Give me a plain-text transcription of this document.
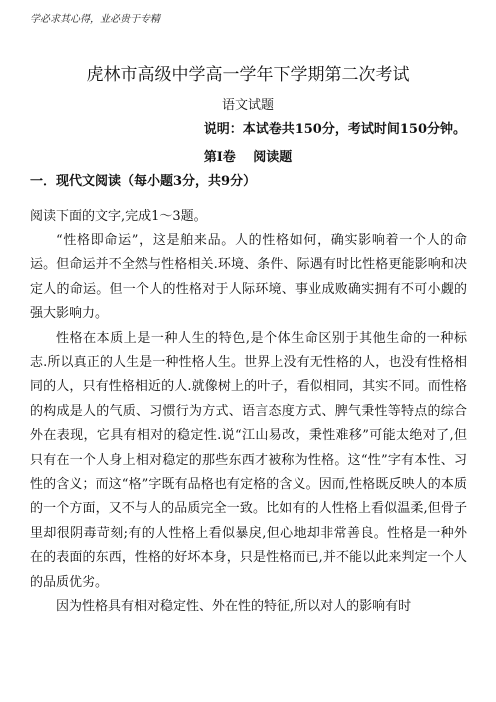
学必求其心得，业必贵于专精
虎林市高级中学高一学年下学期第二次考试
语文试题
说明：本试卷共150分，考试时间150分钟。
第Ⅰ卷　 阅读题
一．现代文阅读（每小题3分，共9分）
阅读下面的文字,完成1～3题。

“性格即命运”，这是舶来品。人的性格如何，确实影响着一个人的命运。但命运并不全然与性格相关.环境、条件、际遇有时比性格更能影响和决定人的命运。但一个人的性格对于人际环境、事业成败确实拥有不可小觑的强大影响力。

性格在本质上是一种人生的特色,是个体生命区别于其他生命的一种标志.所以真正的人生是一种性格人生。世界上没有无性格的人，也没有性格相同的人，只有性格相近的人.就像树上的叶子，看似相同，其实不同。而性格的构成是人的气质、习惯行为方式、语言态度方式、脾气秉性等特点的综合外在表现，它具有相对的稳定性.说“江山易改，秉性难移”可能太绝对了,但只有在一个人身上相对稳定的那些东西才被称为性格。这“性”字有本性、习性的含义；而这“格”字既有品格也有定格的含义。因而,性格既反映人的本质的一个方面，又不与人的品质完全一致。比如有的人性格上看似温柔,但骨子里却很阴毒苛刻;有的人性格上看似暴戾,但心地却非常善良。性格是一种外在的表面的东西，性格的好坏本身，只是性格而已,并不能以此来判定一个人的品质优劣。

因为性格具有相对稳定性、外在性的特征,所以对人的影响有时
